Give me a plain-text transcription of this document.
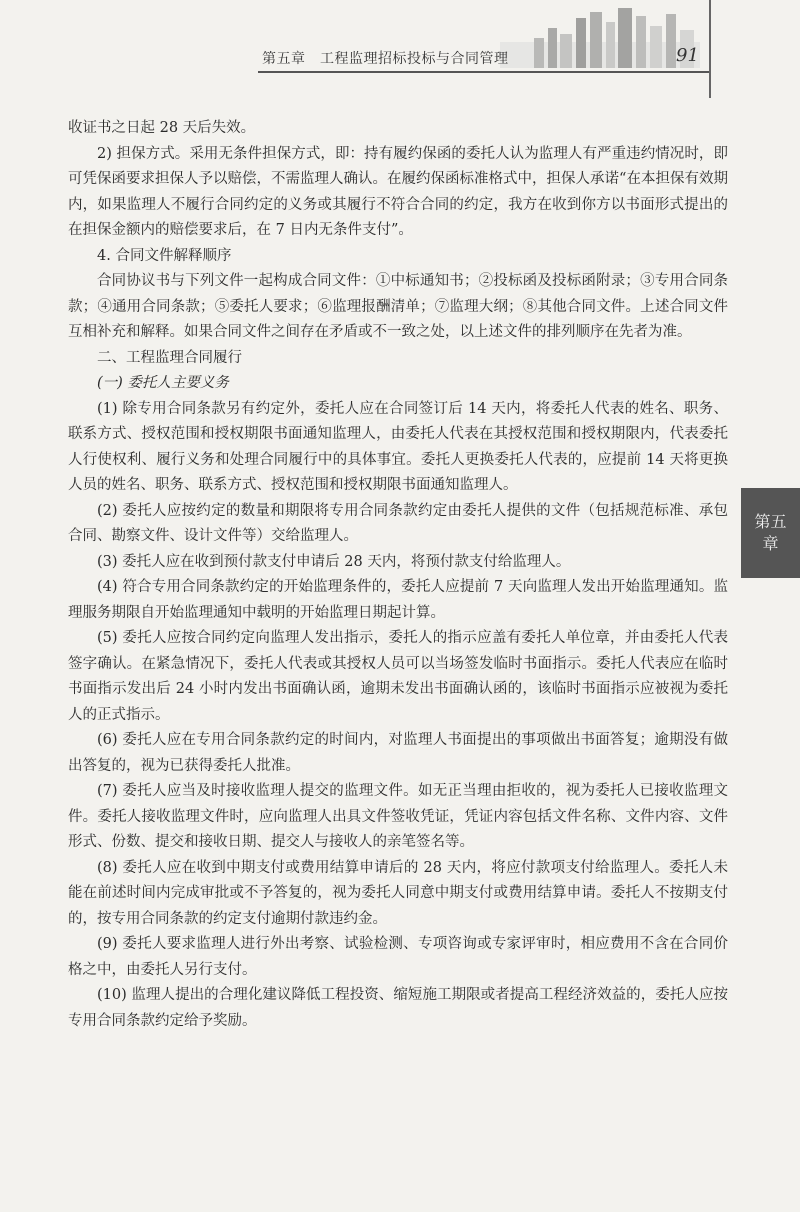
第五章　工程监理招标投标与合同管理	91
第五章

收证书之日起 28 天后失效。

2) 担保方式。采用无条件担保方式，即：持有履约保函的委托人认为监理人有严重违约情况时，即可凭保函要求担保人予以赔偿，不需监理人确认。在履约保函标准格式中，担保人承诺“在本担保有效期内，如果监理人不履行合同约定的义务或其履行不符合合同的约定，我方在收到你方以书面形式提出的在担保金额内的赔偿要求后，在 7 日内无条件支付”。

4. 合同文件解释顺序

合同协议书与下列文件一起构成合同文件：①中标通知书；②投标函及投标函附录；③专用合同条款；④通用合同条款；⑤委托人要求；⑥监理报酬清单；⑦监理大纲；⑧其他合同文件。上述合同文件互相补充和解释。如果合同文件之间存在矛盾或不一致之处，以上述文件的排列顺序在先者为准。

二、工程监理合同履行

(一) 委托人主要义务

(1) 除专用合同条款另有约定外，委托人应在合同签订后 14 天内，将委托人代表的姓名、职务、联系方式、授权范围和授权期限书面通知监理人，由委托人代表在其授权范围和授权期限内，代表委托人行使权利、履行义务和处理合同履行中的具体事宜。委托人更换委托人代表的，应提前 14 天将更换人员的姓名、职务、联系方式、授权范围和授权期限书面通知监理人。

(2) 委托人应按约定的数量和期限将专用合同条款约定由委托人提供的文件（包括规范标准、承包合同、勘察文件、设计文件等）交给监理人。

(3) 委托人应在收到预付款支付申请后 28 天内，将预付款支付给监理人。

(4) 符合专用合同条款约定的开始监理条件的，委托人应提前 7 天向监理人发出开始监理通知。监理服务期限自开始监理通知中载明的开始监理日期起计算。

(5) 委托人应按合同约定向监理人发出指示，委托人的指示应盖有委托人单位章，并由委托人代表签字确认。在紧急情况下，委托人代表或其授权人员可以当场签发临时书面指示。委托人代表应在临时书面指示发出后 24 小时内发出书面确认函，逾期未发出书面确认函的，该临时书面指示应被视为委托人的正式指示。

(6) 委托人应在专用合同条款约定的时间内，对监理人书面提出的事项做出书面答复；逾期没有做出答复的，视为已获得委托人批准。

(7) 委托人应当及时接收监理人提交的监理文件。如无正当理由拒收的，视为委托人已接收监理文件。委托人接收监理文件时，应向监理人出具文件签收凭证，凭证内容包括文件名称、文件内容、文件形式、份数、提交和接收日期、提交人与接收人的亲笔签名等。

(8) 委托人应在收到中期支付或费用结算申请后的 28 天内，将应付款项支付给监理人。委托人未能在前述时间内完成审批或不予答复的，视为委托人同意中期支付或费用结算申请。委托人不按期支付的，按专用合同条款的约定支付逾期付款违约金。

(9) 委托人要求监理人进行外出考察、试验检测、专项咨询或专家评审时，相应费用不含在合同价格之中，由委托人另行支付。

(10) 监理人提出的合理化建议降低工程投资、缩短施工期限或者提高工程经济效益的，委托人应按专用合同条款约定给予奖励。
